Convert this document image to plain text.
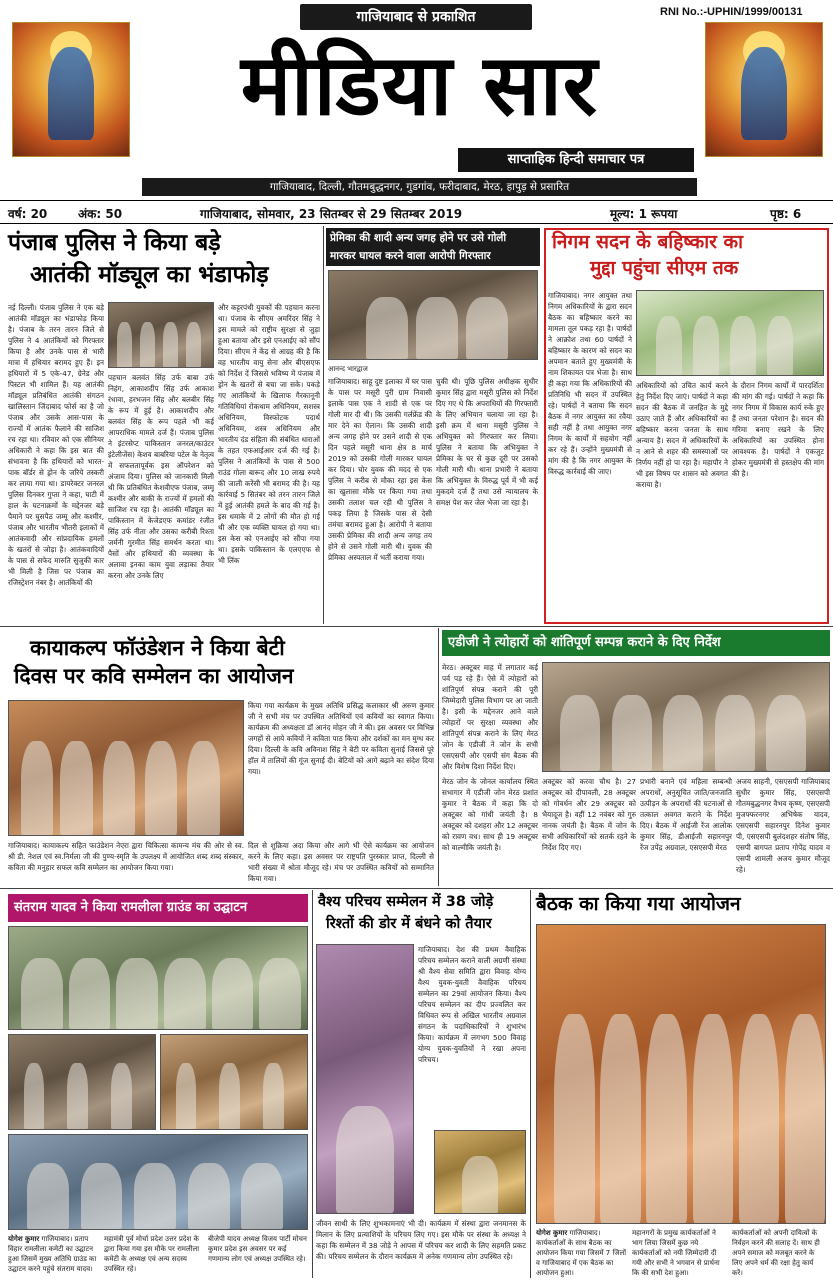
गाजियाबाद से प्रकाशित	RNI No.:-UPHIN/1999/00131
मीडिया सार
साप्ताहिक हिन्दी समाचार पत्र
गाजियाबाद, दिल्ली, गौतमबुद्धनगर, गुडगांव, फरीदाबाद, मेरठ, हापुड़ से प्रसारित
वर्ष: 20	अंक: 50	गाजियाबाद, सोमवार, 23 सितम्बर से 29 सितम्बर 2019	मूल्य: 1 रूपया	पृष्ठ: 6
पंजाब पुलिस ने किया बड़े
आतंकी मॉड्यूल का भंडाफोड़
नई दिल्ली। पंजाब पुलिस ने एक बड़े आतंकी मॉड्यूल का भंडाफोड़ किया है। पंजाब के तरन तारन जिले से पुलिस ने 4 आतंकियों को गिरफ्तार किया है और उनके पास से भारी मात्रा में हथियार बरामद हुए हैं। इन हथियारों में 5 एके-47, ग्रेनेड और पिस्टल भी शामिल हैं। यह आतंकी मॉड्यूल प्रतिबंधित आतंकी संगठन खालिस्तान जिंदाबाद फोर्स का है जो पंजाब और उसके आस-पास के राज्यों में आतंक फैलाने की साजिश रच रहा था। रविवार को एक सीनियर अधिकारी ने कहा कि इस बात की संभावना है कि हथियारों को भारत-पाक बॉर्डर से ड्रोन के जरिये तस्करी कर लाया गया था। डायरेक्टर जनरल पुलिस दिनकर गुप्ता ने कहा, घाटी में हाल के घटनाक्रमों के मद्देनजर बड़े पैमाने पर घुसपैठ जम्मू और कश्मीर, पंजाब और भारतीय भीतरी इलाकों में आतंकवादी और सांप्रदायिक हमलों के खतरों से जोड़ा है। आतंकवादियों के पास से सफेद मारुति सुजुकी कार भी मिली है जिस पर पंजाब का रजिस्ट्रेशन नंबर है। आतंकियों की
पहचान बलवंत सिंह उर्फ बाबा उर्फ निहंग, आकाशदीप सिंह उर्फ आकाश रंधावा, हरभजन सिंह और बलबीर सिंह के रूप में हुई है। आकाशदीप और बलवंत सिंह के रूप पहले भी कई आपराधिक मामले दर्ज हैं। पंजाब पुलिस ने इंटरसेप्ट पाकिस्तान जनरल/काउंटर इंटेलीजेंस) केशव बाबरिया पटेल के नेतृत्व में सफलतापूर्वक इस ऑपरेशन को अंजाम दिया। पुलिस को जानकारी मिली थी कि प्रतिबंधित केशवीएफ पंजाब, जम्मू कश्मीर और बाकी के राज्यों में हमलों की साजिश रच रहा है। आतंकी मॉड्यूल का पाकिस्तान में केजेडएफ कमांडर रंजीत सिंह उर्फ नीता और उसका करीबी रिश्ता जर्मनी गुरमीत सिंह समर्थन करता था। पैसों और हथियारों की व्यवस्था के अलावा इनका काम युवा लड़ाका तैयार करना और उनके लिए
और कट्टरपंथी युवकों की पहचान करना था। पंजाब के सीएम अमरिंदर सिंह ने इस मामले को राष्ट्रीय सुरक्षा से जुड़ा हुआ बताया और इसे एनआईए को सौंप दिया। सीएम ने केंद्र से आग्रह की है कि वह भारतीय वायु सेना और बीएसएफ को निर्देश दें जिससे भविष्य में पंजाब में ड्रोन के खतरों से बचा जा सके। पकड़े गए आतंकियों के खिलाफ गैरकानूनी गतिविधियां रोकथाम अधिनियम, सशस्त्र अधिनियम, विस्फोटक पदार्थ अधिनियम, शस्त्र अधिनियम और भारतीय दंड संहिता की संबंधित धाराओं के तहत एफआईआर दर्ज की गई है। पुलिस ने आतंकियों के पास से 500 राउंड गोला बारूद और 10 लाख रुपये की जाली करेंसी भी बरामद की है। यह कार्रवाई 5 सितंबर को तरन तारन जिले में हुई आतंकी हमले के बाद की गई है। इस धमाके में 2 लोगों की मौत हो गई थी और एक व्यक्ति घायल हो गया था। इस केस को एनआईए को सौंपा गया था। इसके पाकिस्तान के एलएएफ से भी लिंक
प्रेमिका की शादी अन्य जगह होने पर उसे गोली
मारकर घायल करने वाला आरोपी गिरफ्तार
आनन्द भारद्वाज
गाजियाबाद। साहू दुष्ट इलाका में घर पास के पास पर मसूरी पुरी ग्राम निवासी इलाके पास एक ने शादी से एक पर गोली मार दी थी। कि उसकी गर्लफ्रेंड की मार देने का ऐलान। कि उसकी शादी अन्य जगह होने पर उसने शादी से एक दिन पहले मसूरी थाना क्षेत्र 8 मार्च 2019 को उसकी गोली मारकर घायल कर दिया। चोर युवक की मदद से एक पुलिस ने करीब से मौका रहा इस केस का खुलासा मौके पर किया गया तथा उसकी तलाश चल रही थी पुलिस ने पकड़ लिया है जिसके पास से देसी तमंचा बरामद हुआ है। आरोपी ने बताया उसकी प्रेमिका की शादी अन्य जगह तय होने से उसने गोली मारी थी। युवक की प्रेमिका अस्पताल में भर्ती कराया गया।
चुकी थी। पूछि पुलिस अधीक्षक सुधीर कुमार सिंह द्वारा मसूरी पुलिस को निर्देश दिए गए थे कि अपराधियों की गिरफ्तारी के लिए अभियान चलाया जा रहा है। इसी क्रम में थाना मसूरी पुलिस ने अभियुक्त को गिरफ्तार कर लिया। पुलिस ने बताया कि अभियुक्त ने प्रेमिका के घर से कुछ दूरी पर उसको गोली मारी थी। थाना प्रभारी ने बताया कि अभियुक्त के विरुद्ध पूर्व में भी कई मुकदमे दर्ज हैं तथा उसे न्यायालय के समक्ष पेश कर जेल भेजा जा रहा है।
निगम सदन के बहिष्कार का
मुद्दा पहुंचा सीएम तक
गाजियाबाद। नगर आयुक्त तथा निगम अधिकारियों के द्वारा सदन बैठक का बहिष्कार करने का मामला तूल पकड़ रहा है। पार्षदों ने आक्रोश तथा 60 पार्षदों ने बहिष्कार के कारण को सदन का अपमान बताते हुए मुख्यमंत्री के नाम शिकायत पत्र भेजा है। साथ ही कहा गया कि अधिकारियों की प्रतिनिधि भी सदन में उपस्थित रहे। पार्षदों ने बताया कि सदन बैठक में नगर आयुक्त का रवैया सही नहीं है तथा आयुक्त नगर निगम के कार्यों में सहयोग नहीं कर रहे हैं। उन्होंने मुख्यमंत्री से मांग की है कि नगर आयुक्त के विरुद्ध कार्रवाई की जाए।
अधिकारियों को उचित कार्य करने हेतु निर्देश दिए जाएं। पार्षदों ने कहा सदन की बैठक में जनहित के मुद्दे उठाए जाते हैं और अधिकारियों का बहिष्कार करना जनता के साथ अन्याय है। सदन में अधिकारियों के न आने से शहर की समस्याओं पर निर्णय नहीं हो पा रहा है। महापौर ने भी इस विषय पर शासन को अवगत कराया है।
के दौरान निगम कार्यों में पारदर्शिता की मांग की गई। पार्षदों ने कहा कि नगर निगम में विकास कार्य रुके हुए हैं तथा जनता परेशान है। सदन की गरिमा बनाए रखने के लिए अधिकारियों का उपस्थित होना आवश्यक है। पार्षदों ने एकजुट होकर मुख्यमंत्री से हस्तक्षेप की मांग की है।
कायाकल्प फॉउंडेशन ने किया बेटी
दिवस पर कवि सम्मेलन का आयोजन
गाजियाबाद। कायाकल्प सहित फाउंडेशन नेएरा द्वारा चिकित्सा कामन्य मंच की ओर से स्व. श्री डी. नेशल एवं स्व.निर्मला जी की पुण्य-स्मृति के उपलक्ष्य में आयोजित शब्द शब्द संस्कार, कविता की मनुहार सफल कवि सम्मेलन का आयोजन किया गया।
किया गया कार्यक्रम के मुख्य अतिथि प्रसिद्ध कलाकार श्री अरुण कुमार जी ने सभी मंच पर उपस्थित अतिथियों एवं कवियों का स्वागत किया। कार्यक्रम की अध्यक्षता डॉ आनंद मोहन जी ने की। इस अवसर पर विभिन्न जगहों से आये कवियों ने कविता पाठ किया और दर्शकों का मन मुग्ध कर दिया। दिल्ली के कवि अविनाश सिंह ने बेटी पर कविता सुनाई जिससे पूरे हॉल में तालियों की गूंज सुनाई दी। बेटियों को आगे बढ़ाने का संदेश दिया गया।
दिल से शुक्रिया अदा किया और आगे भी ऐसे कार्यक्रम का आयोजन करने के लिए कहा। इस अवसर पर राष्ट्रपति पुरस्कार प्राप्त, दिल्ली से भारी संख्या में श्रोता मौजूद रहे। मंच पर उपस्थित कवियों को सम्मानित किया गया।
एडीजी ने त्योहारों को शांतिपूर्ण सम्पन्न कराने के दिए निर्देश
मेरठ। अक्टूबर माह में लगातार कई पर्व पड़ रहे हैं। ऐसे में त्योहारों को शांतिपूर्ण संपन्न कराने की पूरी जिम्मेदारी पुलिस विभाग पर आ जाती है। इसी के मद्देनजर आने वाले त्योहारों पर सुरक्षा व्यवस्था और शांतिपूर्ण संपन्न कराने के लिए मेरठ जोन के एडीजी ने जोन के सभी एसएसपी और एसपी संग बैठक की और विशेष दिशा निर्देश दिए।
मेरठ जोन के जोनल कार्यालय स्थित सभागार में एडीजी जोन मेरठ प्रशांत कुमार ने बैठक में कहा कि दो अक्टूबर को गांधी जयंती है। 8 अक्टूबर को दशहरा और 12 अक्टूबर को रावण वध। साथ ही 19 अक्टूबर को वाल्मीकि जयंती है।
अक्टूबर को करवा चौथ है। 27 अक्टूबर को दीपावली, 28 अक्टूबर को गोवर्धन और 29 अक्टूबर को भैयादूज है। वहीं 12 नवंबर को गुरु नानक जयंती है। बैठक में जोन के सभी अधिकारियों को सतर्क रहने के निर्देश दिए गए।
प्रभारी बनाने एवं महिला सम्बन्धी अपराधों, अनुसूचित जाति/जनजाति उत्पीड़न के अपराधों की घटनाओं से तत्काल अवगत कराने के निर्देश दिए। बैठक में आईजी रेंज आलोक कुमार सिंह, डीआईजी सहारनपुर रेंज उपेंद्र अग्रवाल, एसएसपी मेरठ
अजय साहनी, एसएसपी गाजियाबाद सुधीर कुमार सिंह, एसएसपी गौतमबुद्धनगर वैभव कृष्ण, एसएसपी मुजफ्फरनगर अभिषेक यादव, एसएसपी सहारनपुर दिनेश कुमार पी, एसएसपी बुलंदशहर संतोष सिंह, एसपी बागपत प्रताप गोपेंद्र यादव व एसपी शामली अजय कुमार मौजूद रहे।
संतराम यादव ने किया रामलीला ग्राउंड का उद्घाटन
योगेश कुमार गाजियाबाद। प्रताप विहार रामलीला कमेटी का उद्घाटन हुआ जिसमें मुख्य अतिथि ग्राउंड का उद्घाटन करने पहुंचे संतराम यादव।
महामंत्री पूर्व मोर्चा प्रदेश उत्तर प्रदेश के द्वारा किया गया इस मौके पर रामलीला कमेटी के अध्यक्ष एवं अन्य सदस्य उपस्थित रहे।
बीजेपी यादव अध्यक्ष विजय पार्टी मोचन कुमार प्रदेश इस अवसर पर कई गणमान्य लोग एवं अध्यक्ष उपस्थित रहे।
वैश्य परिचय सम्मेलन में 38 जोड़े
रिश्तों की डोर में बंधने को तैयार
गाजियाबाद। देश की प्रथम वैवाहिक परिचय सम्मेलन कराने वाली अग्रणी संस्था श्री वैश्य सेवा समिति द्वारा विवाह योग्य वैश्य युवक-युवती वैवाहिक परिचय सम्मेलन का 29वां आयोजन किया। वैश्य परिचय सम्मेलन का दीप प्रज्वलित कर विधिवत रूप से अखिल भारतीय अग्रवाल संगठन के पदाधिकारियों ने शुभारंभ किया। कार्यक्रम में लगभग 500 विवाह योग्य युवक-युवतियों ने रखा अपना परिचय।
जीवन साथी के लिए शुभकामनाएं भी दी। कार्यक्रम में संस्था द्वारा जनमानस के मिलान के लिए प्रत्याशियों के परिचय लिए गए। इस मौके पर संस्था के अध्यक्ष ने कहा कि सम्मेलन में 38 जोड़े ने आपस में परिचय कर शादी के लिए सहमति प्रकट की। परिचय सम्मेलन के दौरान कार्यक्रम में अनेक गणमान्य लोग उपस्थित रहे।
बैठक का किया गया आयोजन
योगेश कुमार गाजियाबाद। कार्यकर्ताओं के साथ बैठक का आयोजन किया गया जिसमें 7 जिलों व गाजियाबाद में एक बैठक का आयोजन हुआ।
महानगरों के प्रमुख कार्यकर्ताओं ने भाग लिया जिसमें कुछ नये कार्यकर्ताओं को नयी जिम्मेदारी दी गयी और सभी ने भगवान से प्रार्थना कि की सभी देश हुआ।
कार्यकर्ताओं को अपनी दायित्वों के निर्वहन करने की सलाह दें। साथ ही अपने समाज को मजबूत करने के लिए अपने धर्म की रक्षा हेतु कार्य करें।
